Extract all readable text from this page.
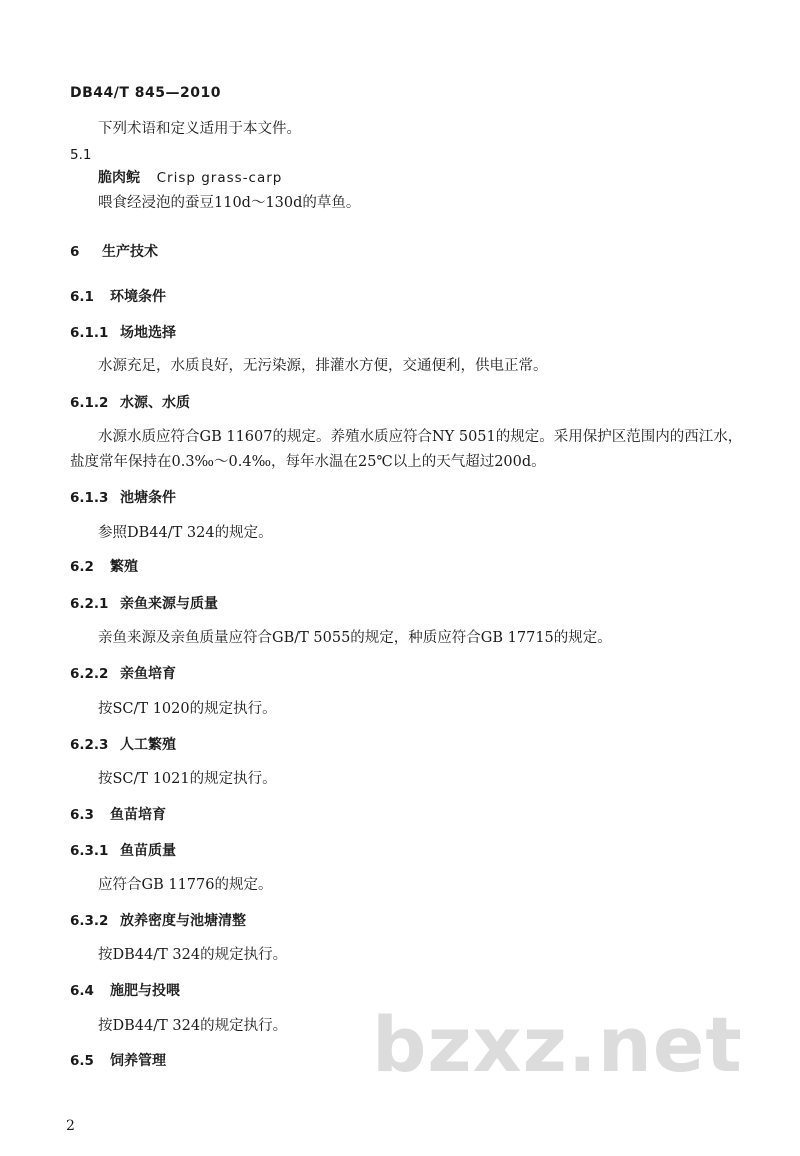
DB44/T 845—2010
下列术语和定义适用于本文件。
5.1
脆肉鲩 Crisp grass-carp
喂食经浸泡的蚕豆110d～130d的草鱼。
6 生产技术
6.1 环境条件
6.1.1 场地选择
水源充足，水质良好，无污染源，排灌水方便，交通便利，供电正常。
6.1.2 水源、水质
水源水质应符合GB 11607的规定。养殖水质应符合NY 5051的规定。采用保护区范围内的西江水，
盐度常年保持在0.3‰～0.4‰，每年水温在25℃以上的天气超过200d。
6.1.3 池塘条件
参照DB44/T 324的规定。
6.2 繁殖
6.2.1 亲鱼来源与质量
亲鱼来源及亲鱼质量应符合GB/T 5055的规定，种质应符合GB 17715的规定。
6.2.2 亲鱼培育
按SC/T 1020的规定执行。
6.2.3 人工繁殖
按SC/T 1021的规定执行。
6.3 鱼苗培育
6.3.1 鱼苗质量
应符合GB 11776的规定。
6.3.2 放养密度与池塘清整
按DB44/T 324的规定执行。
6.4 施肥与投喂
按DB44/T 324的规定执行。
6.5 饲养管理	bzxz.net
2
